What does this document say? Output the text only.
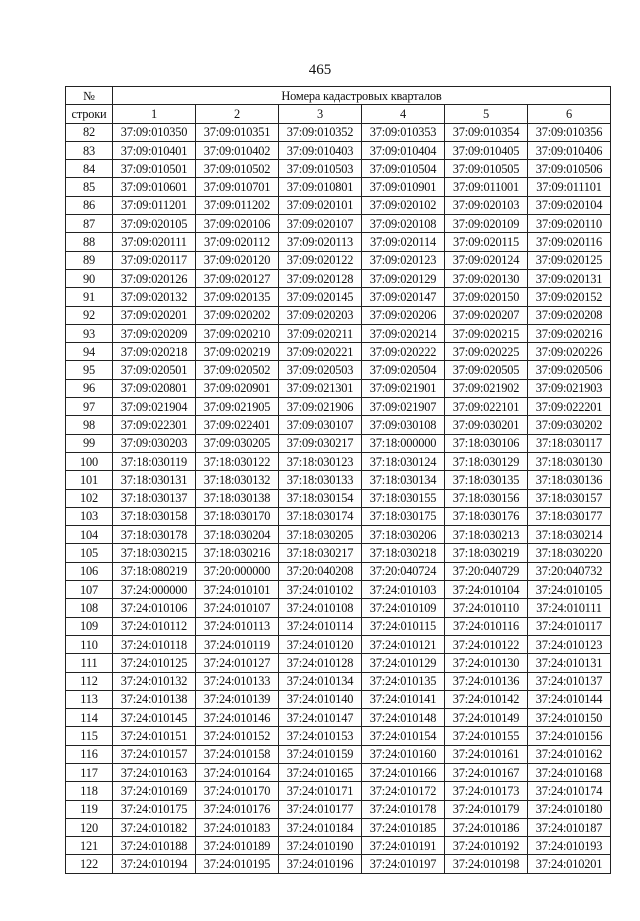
465
№	Номера кадастровых кварталов					
строки	1	2	3	4	5	6
82	37:09:010350	37:09:010351	37:09:010352	37:09:010353	37:09:010354	37:09:010356
83	37:09:010401	37:09:010402	37:09:010403	37:09:010404	37:09:010405	37:09:010406
84	37:09:010501	37:09:010502	37:09:010503	37:09:010504	37:09:010505	37:09:010506
85	37:09:010601	37:09:010701	37:09:010801	37:09:010901	37:09:011001	37:09:011101
86	37:09:011201	37:09:011202	37:09:020101	37:09:020102	37:09:020103	37:09:020104
87	37:09:020105	37:09:020106	37:09:020107	37:09:020108	37:09:020109	37:09:020110
88	37:09:020111	37:09:020112	37:09:020113	37:09:020114	37:09:020115	37:09:020116
89	37:09:020117	37:09:020120	37:09:020122	37:09:020123	37:09:020124	37:09:020125
90	37:09:020126	37:09:020127	37:09:020128	37:09:020129	37:09:020130	37:09:020131
91	37:09:020132	37:09:020135	37:09:020145	37:09:020147	37:09:020150	37:09:020152
92	37:09:020201	37:09:020202	37:09:020203	37:09:020206	37:09:020207	37:09:020208
93	37:09:020209	37:09:020210	37:09:020211	37:09:020214	37:09:020215	37:09:020216
94	37:09:020218	37:09:020219	37:09:020221	37:09:020222	37:09:020225	37:09:020226
95	37:09:020501	37:09:020502	37:09:020503	37:09:020504	37:09:020505	37:09:020506
96	37:09:020801	37:09:020901	37:09:021301	37:09:021901	37:09:021902	37:09:021903
97	37:09:021904	37:09:021905	37:09:021906	37:09:021907	37:09:022101	37:09:022201
98	37:09:022301	37:09:022401	37:09:030107	37:09:030108	37:09:030201	37:09:030202
99	37:09:030203	37:09:030205	37:09:030217	37:18:000000	37:18:030106	37:18:030117
100	37:18:030119	37:18:030122	37:18:030123	37:18:030124	37:18:030129	37:18:030130
101	37:18:030131	37:18:030132	37:18:030133	37:18:030134	37:18:030135	37:18:030136
102	37:18:030137	37:18:030138	37:18:030154	37:18:030155	37:18:030156	37:18:030157
103	37:18:030158	37:18:030170	37:18:030174	37:18:030175	37:18:030176	37:18:030177
104	37:18:030178	37:18:030204	37:18:030205	37:18:030206	37:18:030213	37:18:030214
105	37:18:030215	37:18:030216	37:18:030217	37:18:030218	37:18:030219	37:18:030220
106	37:18:080219	37:20:000000	37:20:040208	37:20:040724	37:20:040729	37:20:040732
107	37:24:000000	37:24:010101	37:24:010102	37:24:010103	37:24:010104	37:24:010105
108	37:24:010106	37:24:010107	37:24:010108	37:24:010109	37:24:010110	37:24:010111
109	37:24:010112	37:24:010113	37:24:010114	37:24:010115	37:24:010116	37:24:010117
110	37:24:010118	37:24:010119	37:24:010120	37:24:010121	37:24:010122	37:24:010123
111	37:24:010125	37:24:010127	37:24:010128	37:24:010129	37:24:010130	37:24:010131
112	37:24:010132	37:24:010133	37:24:010134	37:24:010135	37:24:010136	37:24:010137
113	37:24:010138	37:24:010139	37:24:010140	37:24:010141	37:24:010142	37:24:010144
114	37:24:010145	37:24:010146	37:24:010147	37:24:010148	37:24:010149	37:24:010150
115	37:24:010151	37:24:010152	37:24:010153	37:24:010154	37:24:010155	37:24:010156
116	37:24:010157	37:24:010158	37:24:010159	37:24:010160	37:24:010161	37:24:010162
117	37:24:010163	37:24:010164	37:24:010165	37:24:010166	37:24:010167	37:24:010168
118	37:24:010169	37:24:010170	37:24:010171	37:24:010172	37:24:010173	37:24:010174
119	37:24:010175	37:24:010176	37:24:010177	37:24:010178	37:24:010179	37:24:010180
120	37:24:010182	37:24:010183	37:24:010184	37:24:010185	37:24:010186	37:24:010187
121	37:24:010188	37:24:010189	37:24:010190	37:24:010191	37:24:010192	37:24:010193
122	37:24:010194	37:24:010195	37:24:010196	37:24:010197	37:24:010198	37:24:010201
